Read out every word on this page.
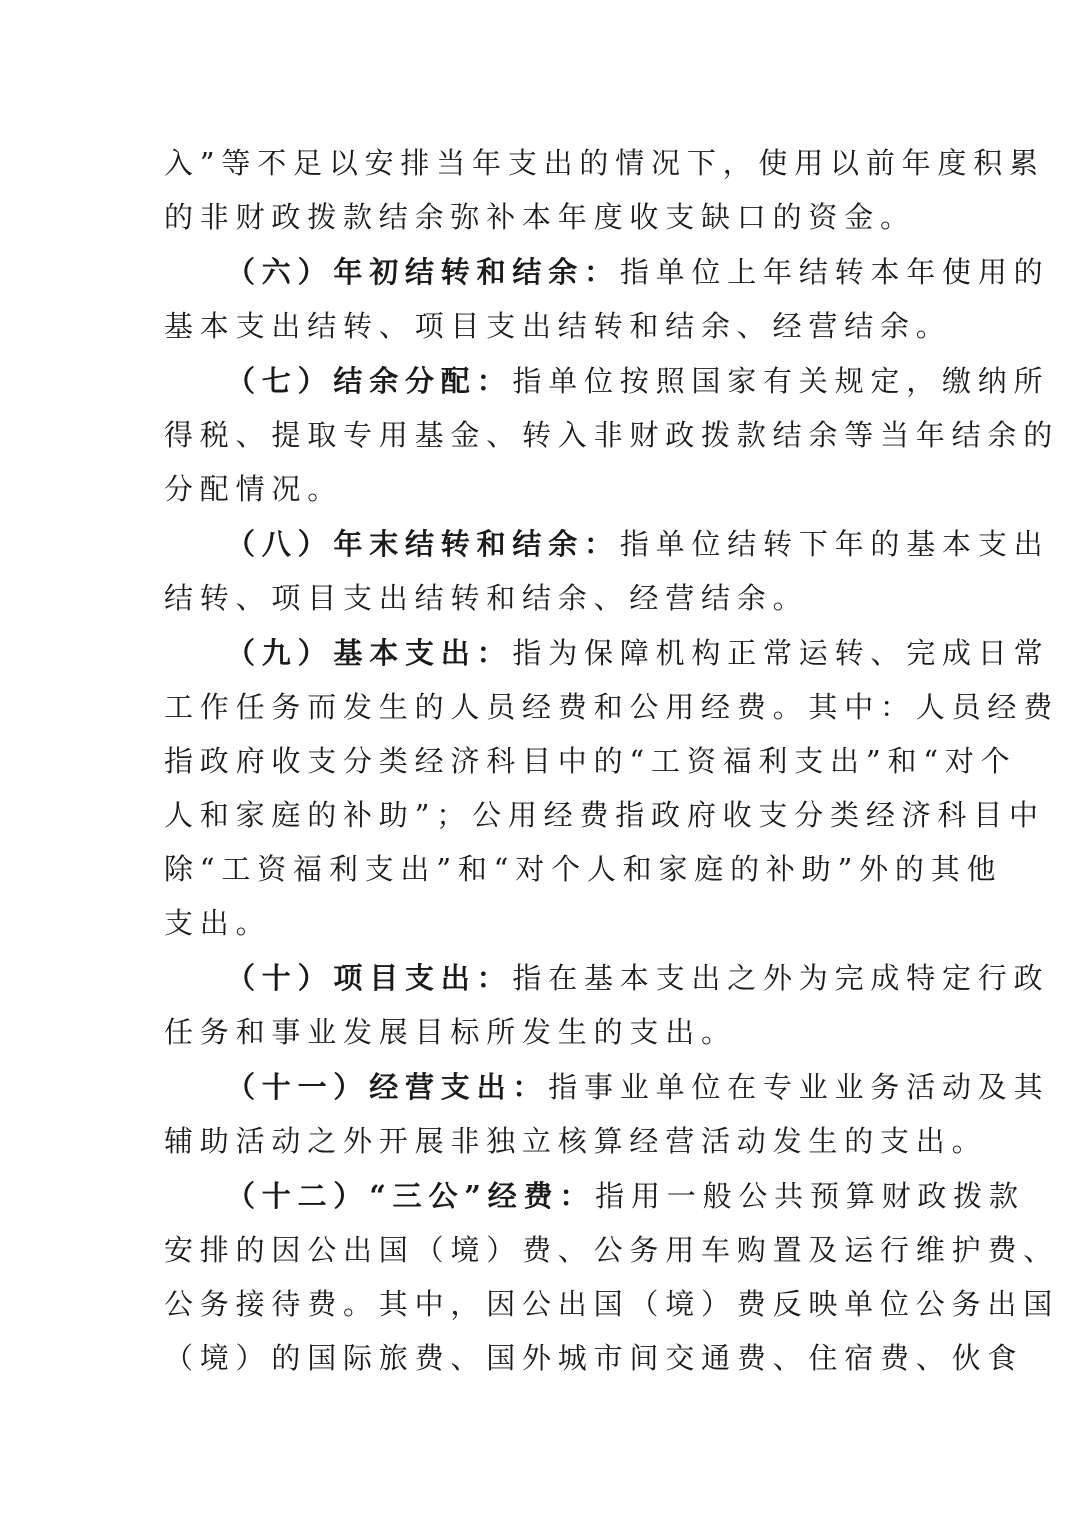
入”等不足以安排当年支出的情况下，使用以前年度积累
的非财政拨款结余弥补本年度收支缺口的资金。
（六）年初结转和结余：指单位上年结转本年使用的
基本支出结转、项目支出结转和结余、经营结余。
（七）结余分配：指单位按照国家有关规定，缴纳所
得税、提取专用基金、转入非财政拨款结余等当年结余的
分配情况。
（八）年末结转和结余：指单位结转下年的基本支出
结转、项目支出结转和结余、经营结余。
（九）基本支出：指为保障机构正常运转、完成日常
工作任务而发生的人员经费和公用经费。其中：人员经费
指政府收支分类经济科目中的“工资福利支出”和“对个
人和家庭的补助”；公用经费指政府收支分类经济科目中
除“工资福利支出”和“对个人和家庭的补助”外的其他
支出。
（十）项目支出：指在基本支出之外为完成特定行政
任务和事业发展目标所发生的支出。
（十一）经营支出：指事业单位在专业业务活动及其
辅助活动之外开展非独立核算经营活动发生的支出。
（十二）“三公”经费：指用一般公共预算财政拨款
安排的因公出国（境）费、公务用车购置及运行维护费、
公务接待费。其中，因公出国（境）费反映单位公务出国
（境）的国际旅费、国外城市间交通费、住宿费、伙食
